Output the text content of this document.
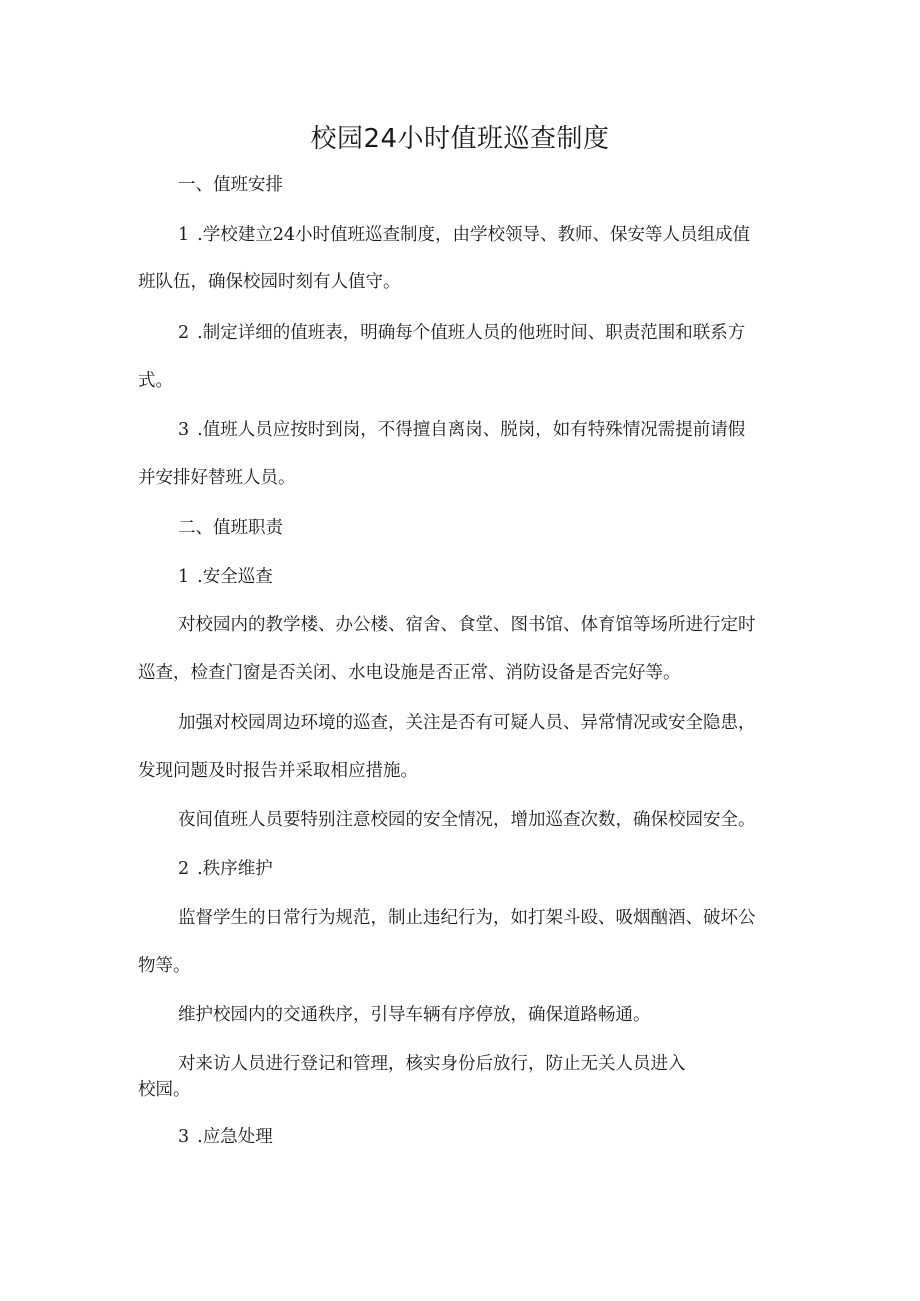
校园24小时值班巡查制度
一、值班安排
1 .学校建立24小时值班巡查制度，由学校领导、教师、保安等人员组成值
班队伍，确保校园时刻有人值守。
2 .制定详细的值班表，明确每个值班人员的他班时间、职责范围和联系方
式。
3 .值班人员应按时到岗，不得擅自离岗、脱岗，如有特殊情况需提前请假
并安排好替班人员。
二、值班职责
1 .安全巡查
对校园内的教学楼、办公楼、宿舍、食堂、图书馆、体育馆等场所进行定时
巡查，检查门窗是否关闭、水电设施是否正常、消防设备是否完好等。
加强对校园周边环境的巡查，关注是否有可疑人员、异常情况或安全隐患，
发现问题及时报告并采取相应措施。
夜间值班人员要特别注意校园的安全情况，增加巡查次数，确保校园安全。
2 .秩序维护
监督学生的日常行为规范，制止违纪行为，如打架斗殴、吸烟酗酒、破坏公
物等。
维护校园内的交通秩序，引导车辆有序停放，确保道路畅通。
对来访人员进行登记和管理，核实身份后放行，防止无关人员进入
校园。
3 .应急处理
